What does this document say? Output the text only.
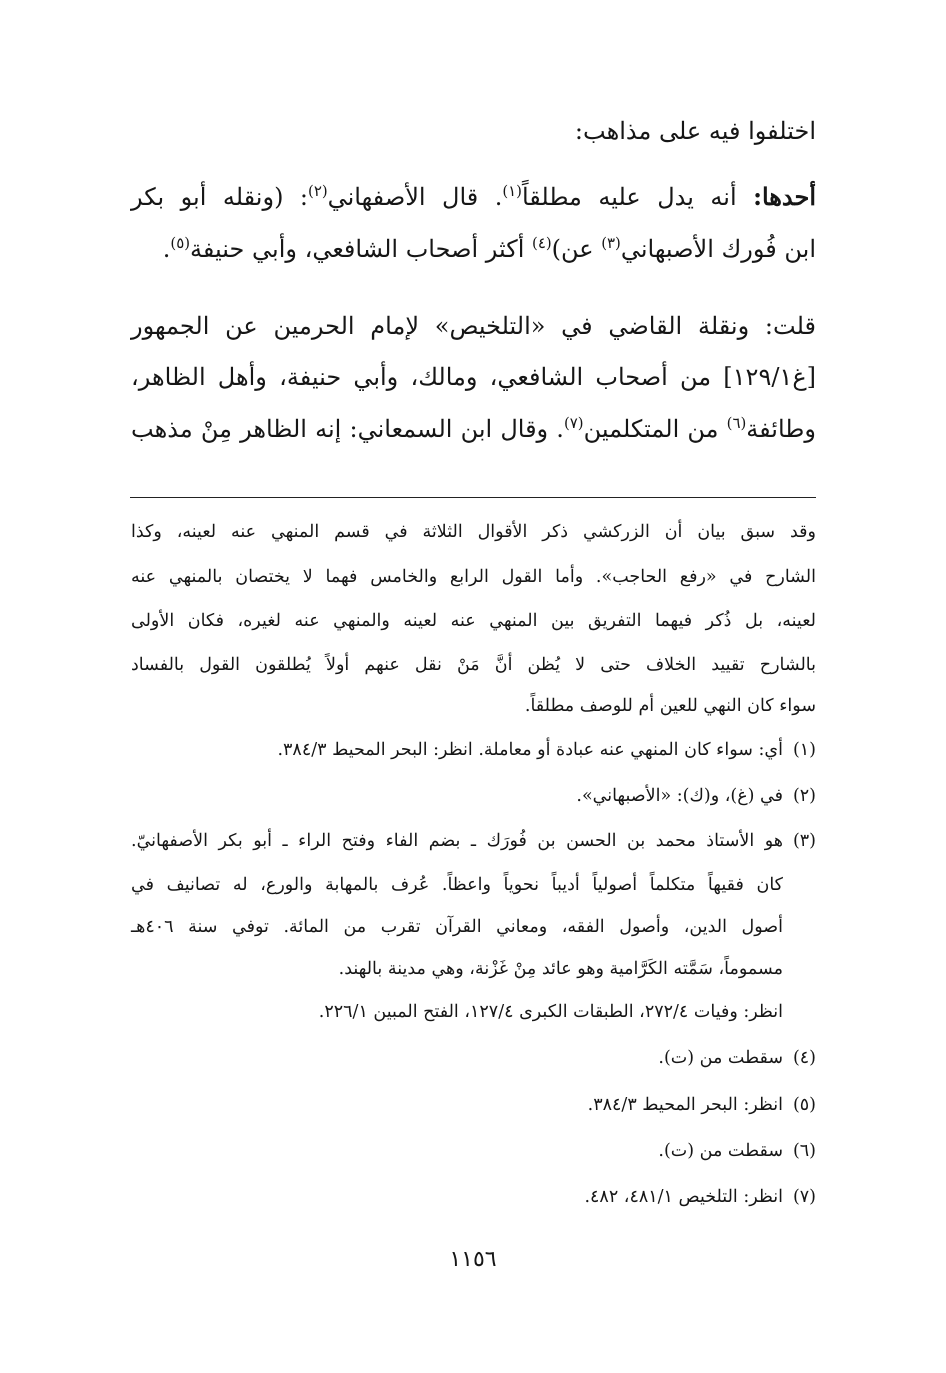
اختلفوا فيه على مذاهب:
أحدها: أنه يدل عليه مطلقاً$^{(١)}$. قال الأصفهاني$^{(٢)}$: (ونقله أبو بكر
ابن فُورك الأصبهاني$^{(٣)}$ عن)$^{(٤)}$ أكثر أصحاب الشافعي، وأبي حنيفة$^{(٥)}$.
قلت: ونقلة القاضي في «التلخيص» لإمام الحرمين عن الجمهور
[غ١٢٩/١] من أصحاب الشافعي، ومالك، وأبي حنيفة، وأهل الظاهر،
وطائفة$^{(٦)}$ من المتكلمين$^{(٧)}$. وقال ابن السمعاني: إنه الظاهر مِنْ مذهب
وقد سبق بيان أن الزركشي ذكر الأقوال الثلاثة في قسم المنهي عنه لعينه، وكذا
الشارح في «رفع الحاجب». وأما القول الرابع والخامس فهما لا يختصان بالمنهي عنه
لعينه، بل ذُكر فيهما التفريق بين المنهي عنه لعينه والمنهي عنه لغيره، فكان الأولى
بالشارح تقييد الخلاف حتى لا يُظن أنَّ مَنْ نقل عنهم أولاً يُطلقون القول بالفساد
سواء كان النهي للعين أم للوصف مطلقاً.
(١)أي: سواء كان المنهي عنه عبادة أو معاملة. انظر: البحر المحيط ٣٨٤/٣.
(٢)في (غ)، و(ك): «الأصبهاني».
(٣)هو الأستاذ محمد بن الحسن بن فُورَك ـ بضم الفاء وفتح الراء ـ أبو بكر الأصفهانيّ.
كان فقيهاً متكلماً أصولياً أديباً نحوياً واعظاً. عُرف بالمهابة والورع، له تصانيف في
أصول الدين، وأصول الفقه، ومعاني القرآن تقرب من المائة. توفي سنة ٤٠٦هـ
مسموماً، سَمَّته الكَرَّامية وهو عائد مِنْ غَزْنة، وهي مدينة بالهند.
انظر: وفيات ٢٧٢/٤، الطبقات الكبرى ١٢٧/٤، الفتح المبين ٢٢٦/١.
(٤)سقطت من (ت).
(٥)انظر: البحر المحيط ٣٨٤/٣.
(٦)سقطت من (ت).
(٧)انظر: التلخيص ٤٨١/١، ٤٨٢.
١١٥٦
